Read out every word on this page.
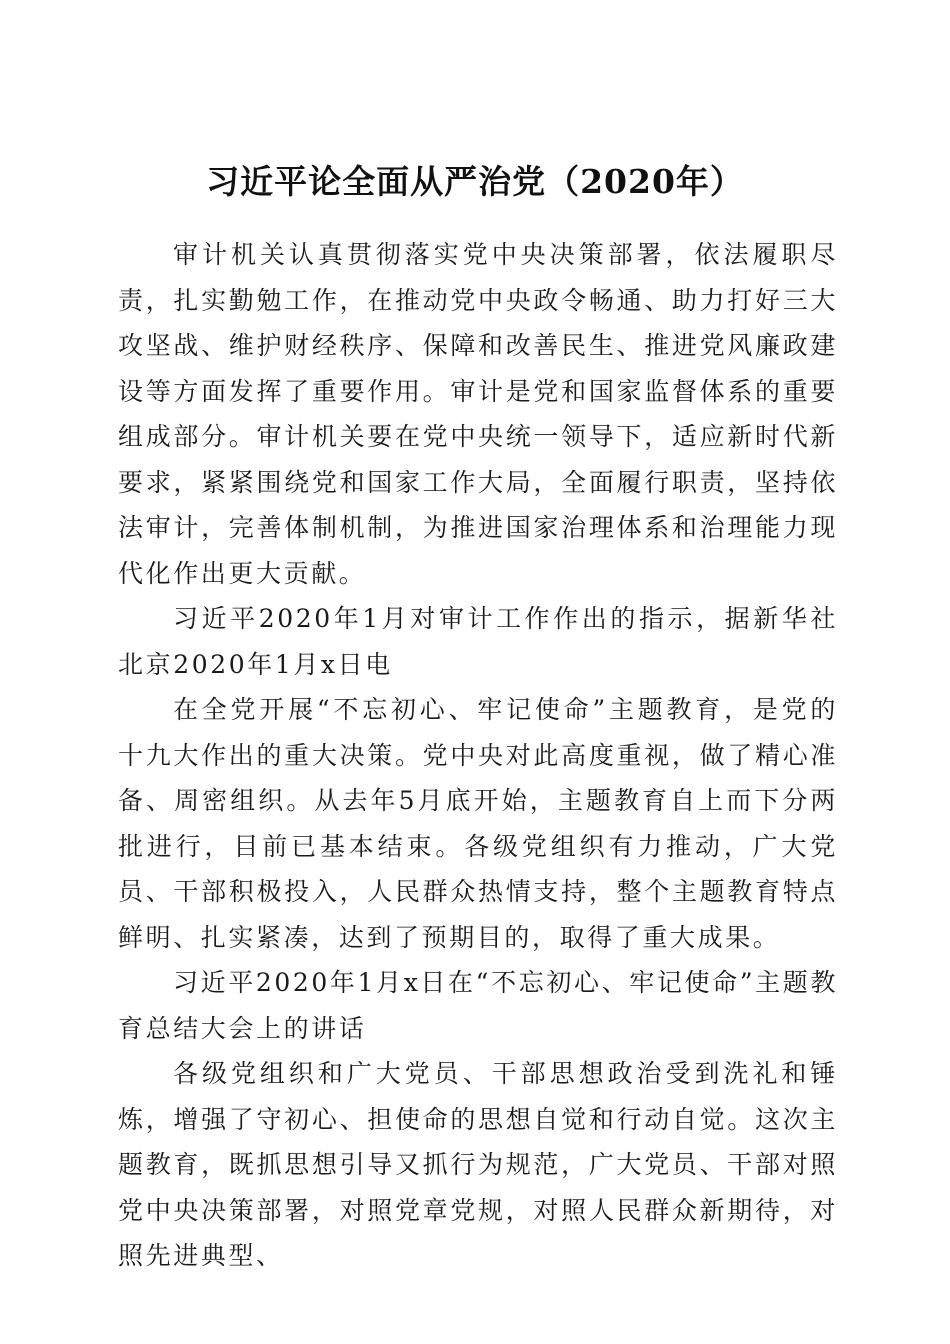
习近平论全面从严治党（2020年）

审计机关认真贯彻落实党中央决策部署，依法履职尽责，扎实勤勉工作，在推动党中央政令畅通、助力打好三大攻坚战、维护财经秩序、保障和改善民生、推进党风廉政建设等方面发挥了重要作用。审计是党和国家监督体系的重要组成部分。审计机关要在党中央统一领导下，适应新时代新要求，紧紧围绕党和国家工作大局，全面履行职责，坚持依法审计，完善体制机制，为推进国家治理体系和治理能力现代化作出更大贡献。

习近平2020年1月对审计工作作出的指示，据新华社北京2020年1月x日电

在全党开展“不忘初心、牢记使命”主题教育，是党的十九大作出的重大决策。党中央对此高度重视，做了精心准备、周密组织。从去年5月底开始，主题教育自上而下分两批进行，目前已基本结束。各级党组织有力推动，广大党员、干部积极投入，人民群众热情支持，整个主题教育特点鲜明、扎实紧凑，达到了预期目的，取得了重大成果。

习近平2020年1月x日在“不忘初心、牢记使命”主题教育总结大会上的讲话

各级党组织和广大党员、干部思想政治受到洗礼和锤炼，增强了守初心、担使命的思想自觉和行动自觉。这次主题教育，既抓思想引导又抓行为规范，广大党员、干部对照党中央决策部署，对照党章党规，对照人民群众新期待，对照先进典型、
